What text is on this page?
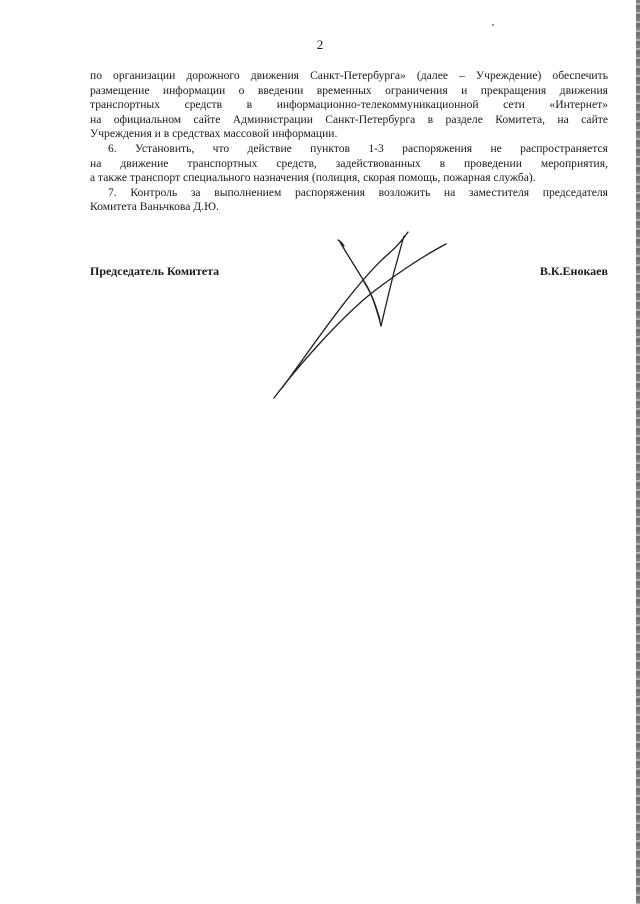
2

по организации дорожного движения Санкт-Петербурга» (далее – Учреждение) обеспечить
размещение информации о введении временных ограничения и прекращения движения
транспортных средств в информационно-телекоммуникационной сети «Интернет»
на официальном сайте Администрации Санкт-Петербурга в разделе Комитета, на сайте
Учреждения и в средствах массовой информации.

6. Установить, что действие пунктов 1-3 распоряжения не распространяется
на движение транспортных средств, задействованных в проведении мероприятия,
а также транспорт специального назначения (полиция, скорая помощь, пожарная служба).

7. Контроль за выполнением распоряжения возложить на заместителя председателя
Комитета Ваньчкова Д.Ю.

Председатель Комитета	В.К.Енокаев
